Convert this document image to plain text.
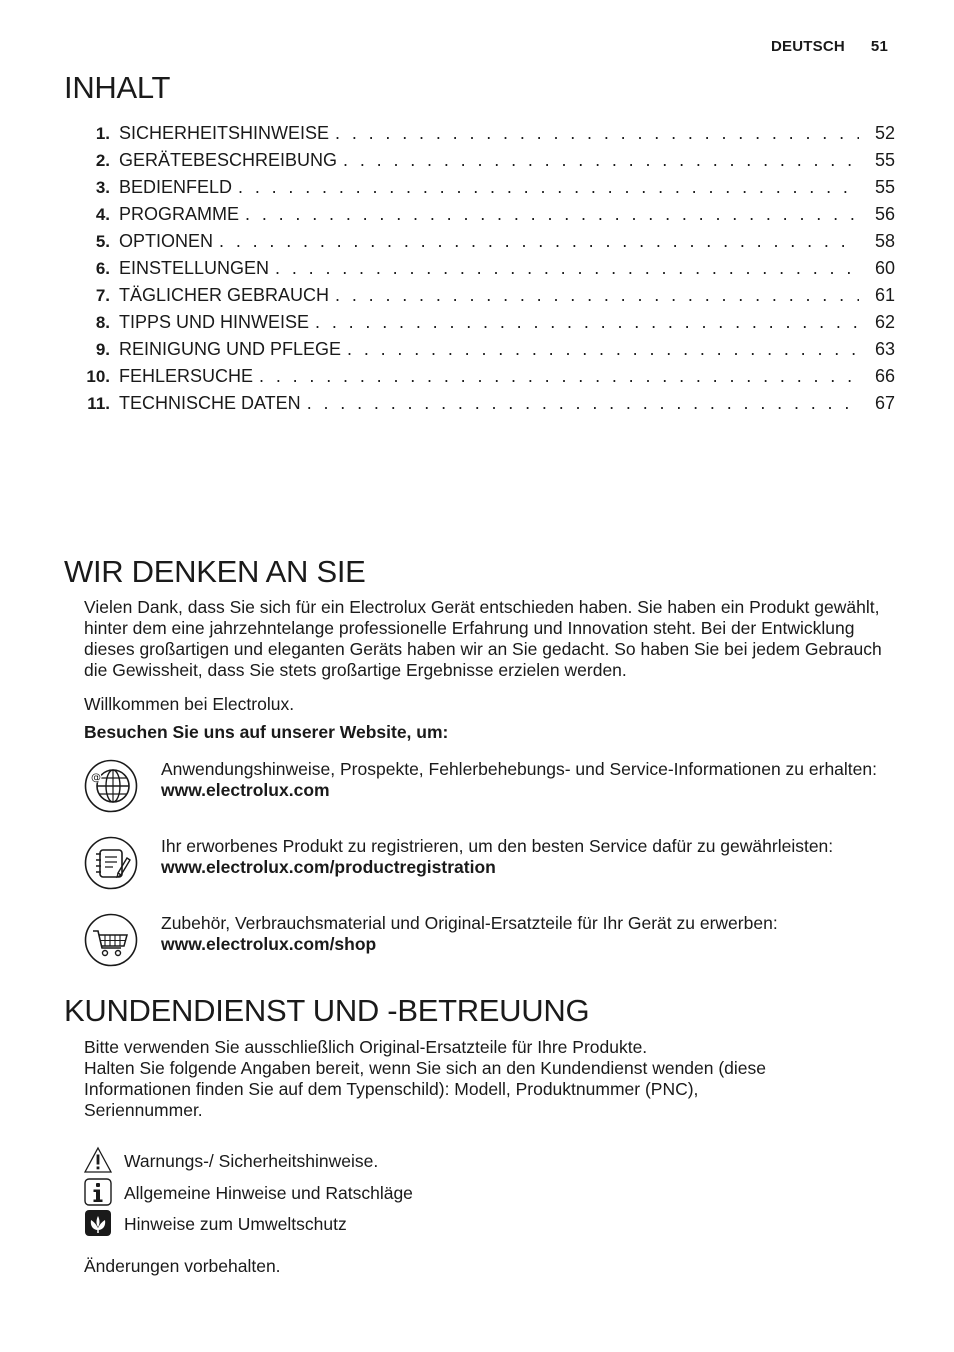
DEUTSCH 51
INHALT
1. SICHERHEITSHINWEISE . . .	52
2. GERÄTEBESCHREIBUNG . . .	55
3. BEDIENFELD . . .	55
4. PROGRAMME . . .	56
5. OPTIONEN . . .	58
6. EINSTELLUNGEN . . .	60
7. TÄGLICHER GEBRAUCH . . .	61
8. TIPPS UND HINWEISE . . .	62
9. REINIGUNG UND PFLEGE . . .	63
10. FEHLERSUCHE . . .	66
11. TECHNISCHE DATEN . . .	67
WIR DENKEN AN SIE
Vielen Dank, dass Sie sich für ein Electrolux Gerät entschieden haben. Sie haben ein Produkt gewählt, hinter dem eine jahrzehntelange professionelle Erfahrung und Innovation steht. Bei der Entwicklung dieses großartigen und eleganten Geräts haben wir an Sie gedacht. So haben Sie bei jedem Gebrauch die Gewissheit, dass Sie stets großartige Ergebnisse erzielen werden.
Willkommen bei Electrolux.
Besuchen Sie uns auf unserer Website, um:
@	Anwendungshinweise, Prospekte, Fehlerbehebungs- und Service-Informationen zu erhalten:
www.electrolux.com
Ihr erworbenes Produkt zu registrieren, um den besten Service dafür zu gewährleisten:
www.electrolux.com/productregistration
Zubehör, Verbrauchsmaterial und Original-Ersatzteile für Ihr Gerät zu erwerben:
www.electrolux.com/shop
KUNDENDIENST UND -BETREUUNG
Bitte verwenden Sie ausschließlich Original-Ersatzteile für Ihre Produkte.
Halten Sie folgende Angaben bereit, wenn Sie sich an den Kundendienst wenden (diese Informationen finden Sie auf dem Typenschild): Modell, Produktnummer (PNC), Seriennummer.
Warnungs-/ Sicherheitshinweise.
Allgemeine Hinweise und Ratschläge
Hinweise zum Umweltschutz
Änderungen vorbehalten.
